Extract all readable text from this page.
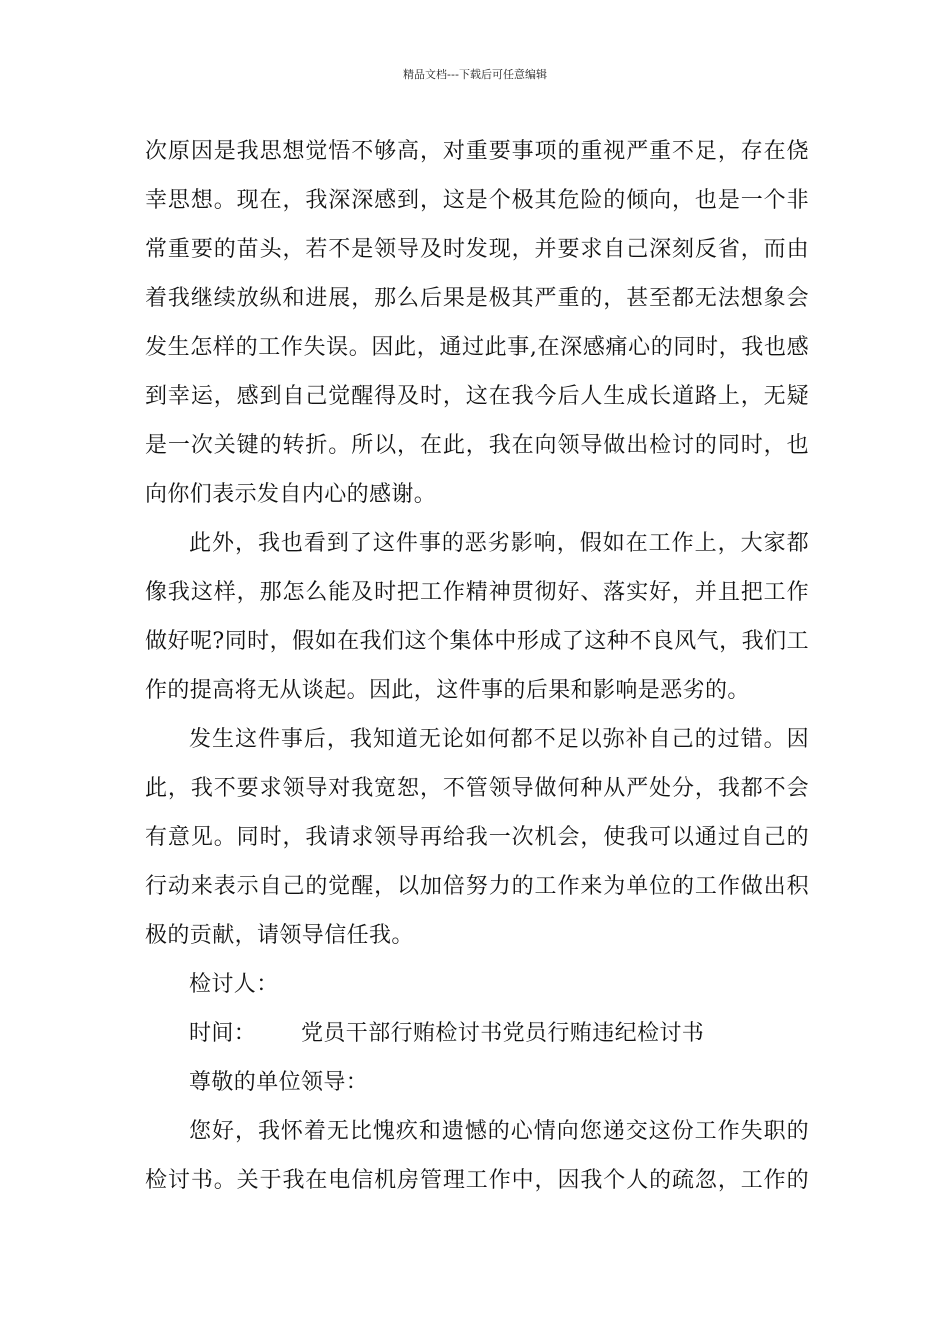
精品文档---下载后可任意编辑
次原因是我思想觉悟不够高，对重要事项的重视严重不足，存在侥
幸思想。现在，我深深感到，这是个极其危险的倾向，也是一个非
常重要的苗头，若不是领导及时发现，并要求自己深刻反省，而由
着我继续放纵和进展，那么后果是极其严重的，甚至都无法想象会
发生怎样的工作失误。因此，通过此事,在深感痛心的同时，我也感
到幸运，感到自己觉醒得及时，这在我今后人生成长道路上，无疑
是一次关键的转折。所以，在此，我在向领导做出检讨的同时，也
向你们表示发自内心的感谢。
此外，我也看到了这件事的恶劣影响，假如在工作上，大家都
像我这样，那怎么能及时把工作精神贯彻好、落实好，并且把工作
做好呢?同时，假如在我们这个集体中形成了这种不良风气，我们工
作的提高将无从谈起。因此，这件事的后果和影响是恶劣的。
发生这件事后，我知道无论如何都不足以弥补自己的过错。因
此，我不要求领导对我宽恕，不管领导做何种从严处分，我都不会
有意见。同时，我请求领导再给我一次机会，使我可以通过自己的
行动来表示自己的觉醒，以加倍努力的工作来为单位的工作做出积
极的贡献，请领导信任我。
检讨人：
时间：	党员干部行贿检讨书党员行贿违纪检讨书
尊敬的单位领导：
您好，我怀着无比愧疚和遗憾的心情向您递交这份工作失职的
检讨书。关于我在电信机房管理工作中，因我个人的疏忽，工作的
